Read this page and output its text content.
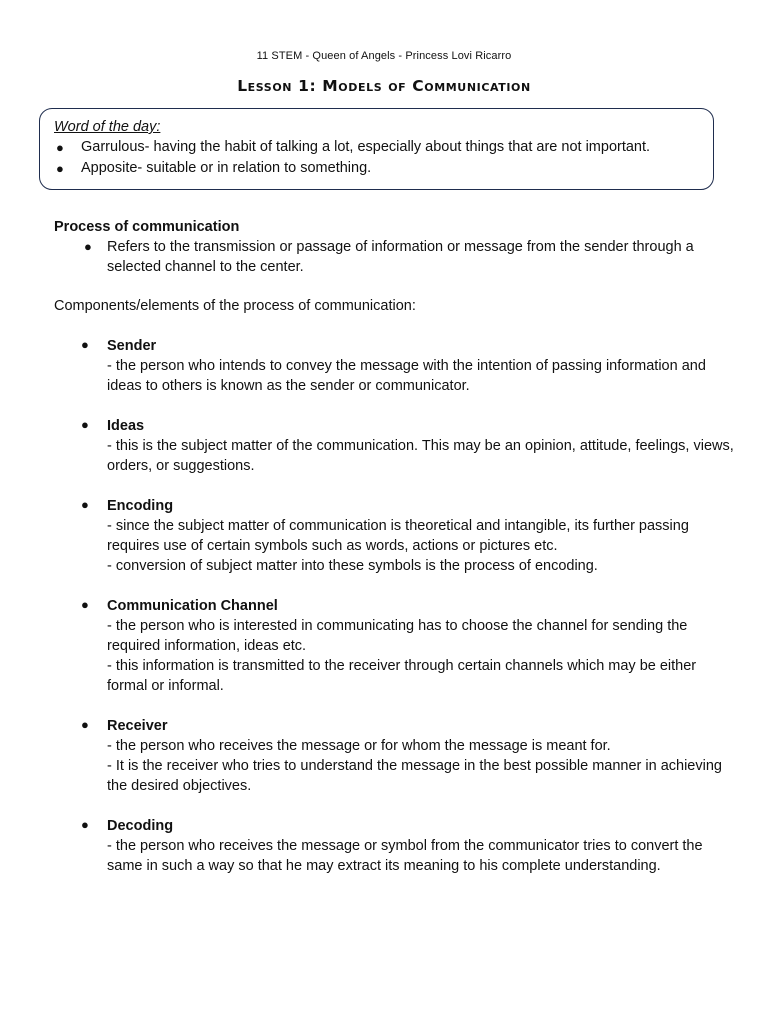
11 STEM - Queen of Angels - Princess Lovi Ricarro
Lesson 1: Models of Communication
Word of the day:
● Garrulous- having the habit of talking a lot, especially about things that are not important.
● Apposite- suitable or in relation to something.
Process of communication
● Refers to the transmission or passage of information or message from the sender through a selected channel to the center.
Components/elements of the process of communication:
● Sender
- the person who intends to convey the message with the intention of passing information and ideas to others is known as the sender or communicator.
● Ideas
- this is the subject matter of the communication. This may be an opinion, attitude, feelings, views, orders, or suggestions.
● Encoding
- since the subject matter of communication is theoretical and intangible, its further passing requires use of certain symbols such as words, actions or pictures etc.
- conversion of subject matter into these symbols is the process of encoding.
● Communication Channel
- the person who is interested in communicating has to choose the channel for sending the required information, ideas etc.
- this information is transmitted to the receiver through certain channels which may be either formal or informal.
● Receiver
- the person who receives the message or for whom the message is meant for.
- It is the receiver who tries to understand the message in the best possible manner in achieving the desired objectives.
● Decoding
- the person who receives the message or symbol from the communicator tries to convert the same in such a way so that he may extract its meaning to his complete understanding.
